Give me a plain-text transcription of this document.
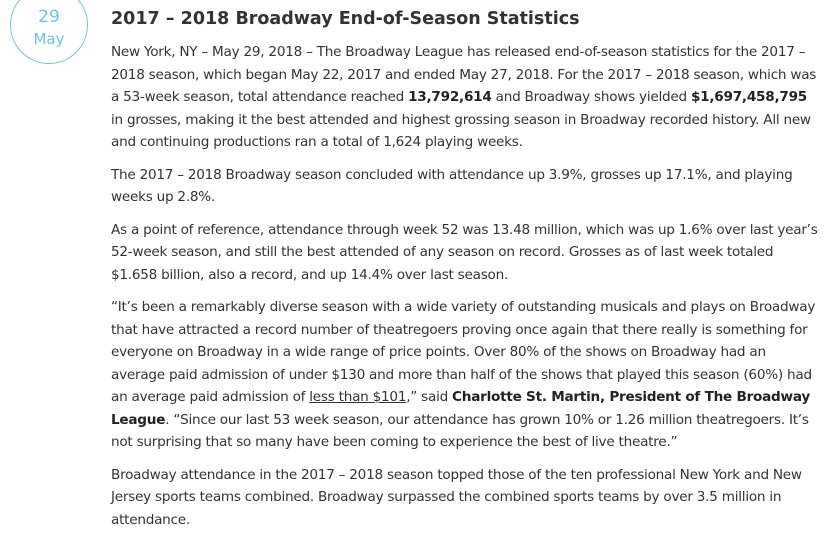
29
May
2017 – 2018 Broadway End-of-Season Statistics

New York, NY – May 29, 2018 – The Broadway League has released end-of-season statistics for the 2017 – 2018 season, which began May 22, 2017 and ended May 27, 2018. For the 2017 – 2018 season, which was a 53-week season, total attendance reached 13,792,614 and Broadway shows yielded $1,697,458,795 in grosses, making it the best attended and highest grossing season in Broadway recorded history. All new and continuing productions ran a total of 1,624 playing weeks.

The 2017 – 2018 Broadway season concluded with attendance up 3.9%, grosses up 17.1%, and playing weeks up 2.8%.

As a point of reference, attendance through week 52 was 13.48 million, which was up 1.6% over last year’s 52-week season, and still the best attended of any season on record. Grosses as of last week totaled $1.658 billion, also a record, and up 14.4% over last season.

“It’s been a remarkably diverse season with a wide variety of outstanding musicals and plays on Broadway that have attracted a record number of theatregoers proving once again that there really is something for everyone on Broadway in a wide range of price points. Over 80% of the shows on Broadway had an average paid admission of under $130 and more than half of the shows that played this season (60%) had an average paid admission of less than $101,” said Charlotte St. Martin, President of The Broadway League. “Since our last 53 week season, our attendance has grown 10% or 1.26 million theatregoers. It’s not surprising that so many have been coming to experience the best of live theatre.”

Broadway attendance in the 2017 – 2018 season topped those of the ten professional New York and New Jersey sports teams combined. Broadway surpassed the combined sports teams by over 3.5 million in attendance.
